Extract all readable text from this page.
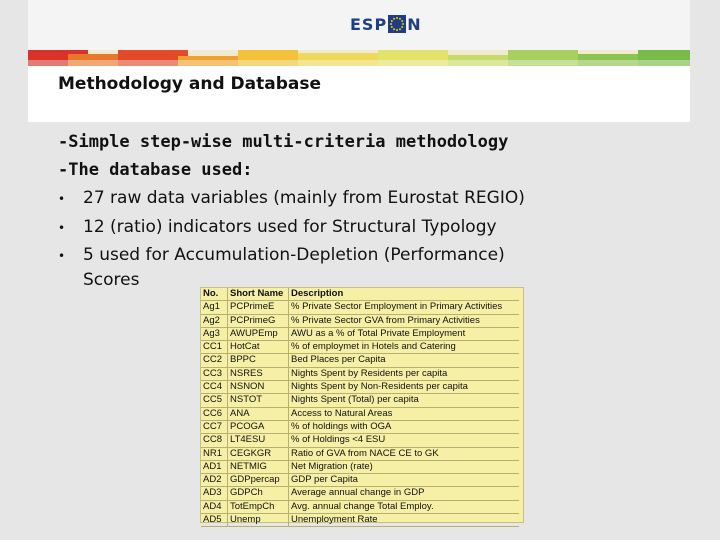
ESP N
Methodology and Database
-Simple step-wise multi-criteria methodology
-The database used:
• 27 raw data variables (mainly from Eurostat REGIO)
• 12 (ratio) indicators used for Structural Typology
• 5 used for Accumulation-Depletion (Performance)
Scores
No.	Short Name	Description
Ag1	PCPrimeE	% Private Sector Employment in Primary Activities
Ag2	PCPrimeG	% Private Sector GVA from Primary Activities
Ag3	AWUPEmp	AWU as a % of Total Private Employment
CC1	HotCat	% of employmet in Hotels and Catering
CC2	BPPC	Bed Places per Capita
CC3	NSRES	Nights Spent by Residents per capita
CC4	NSNON	Nights Spent by Non-Residents per capita
CC5	NSTOT	Nights Spent (Total) per capita
CC6	ANA	Access to Natural Areas
CC7	PCOGA	% of holdings with OGA
CC8	LT4ESU	% of Holdings <4 ESU
NR1	CEGKGR	Ratio of GVA from NACE CE to GK
AD1	NETMIG	Net Migration (rate)
AD2	GDPpercap	GDP per Capita
AD3	GDPCh	Average annual change in GDP
AD4	TotEmpCh	Avg. annual change Total Employ.
AD5	Unemp	Unemployment Rate
